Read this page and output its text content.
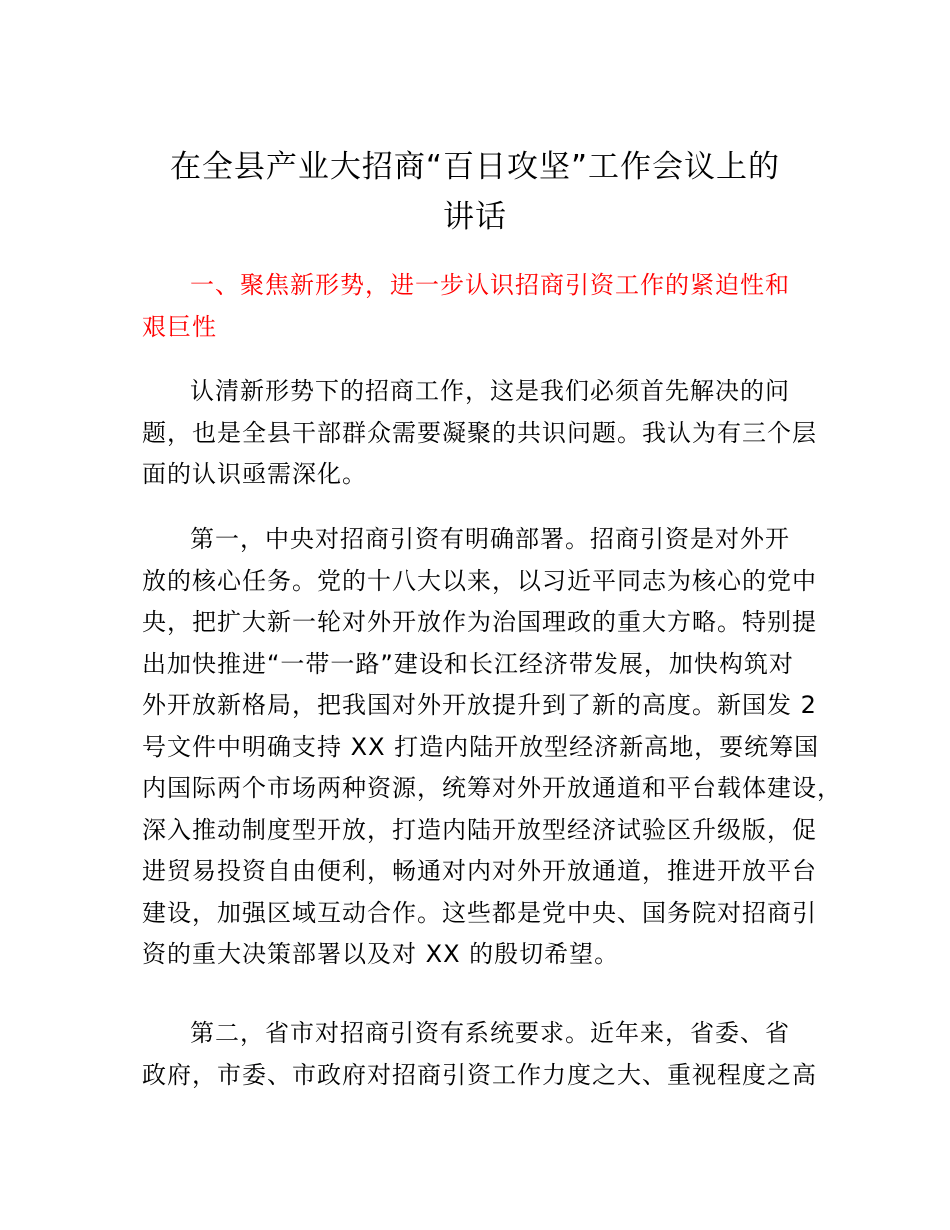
在全县产业大招商“百日攻坚”工作会议上的
讲话
一、聚焦新形势，进一步认识招商引资工作的紧迫性和
艰巨性
认清新形势下的招商工作，这是我们必须首先解决的问
题，也是全县干部群众需要凝聚的共识问题。我认为有三个层
面的认识亟需深化。
第一，中央对招商引资有明确部署。招商引资是对外开
放的核心任务。党的十八大以来，以习近平同志为核心的党中
央，把扩大新一轮对外开放作为治国理政的重大方略。特别提
出加快推进“一带一路”建设和长江经济带发展，加快构筑对
外开放新格局，把我国对外开放提升到了新的高度。新国发 2
号文件中明确支持 XX 打造内陆开放型经济新高地，要统筹国
内国际两个市场两种资源，统筹对外开放通道和平台载体建设，
深入推动制度型开放，打造内陆开放型经济试验区升级版，促
进贸易投资自由便利，畅通对内对外开放通道，推进开放平台
建设，加强区域互动合作。这些都是党中央、国务院对招商引
资的重大决策部署以及对 XX 的殷切希望。
第二，省市对招商引资有系统要求。近年来，省委、省
政府，市委、市政府对招商引资工作力度之大、重视程度之高
